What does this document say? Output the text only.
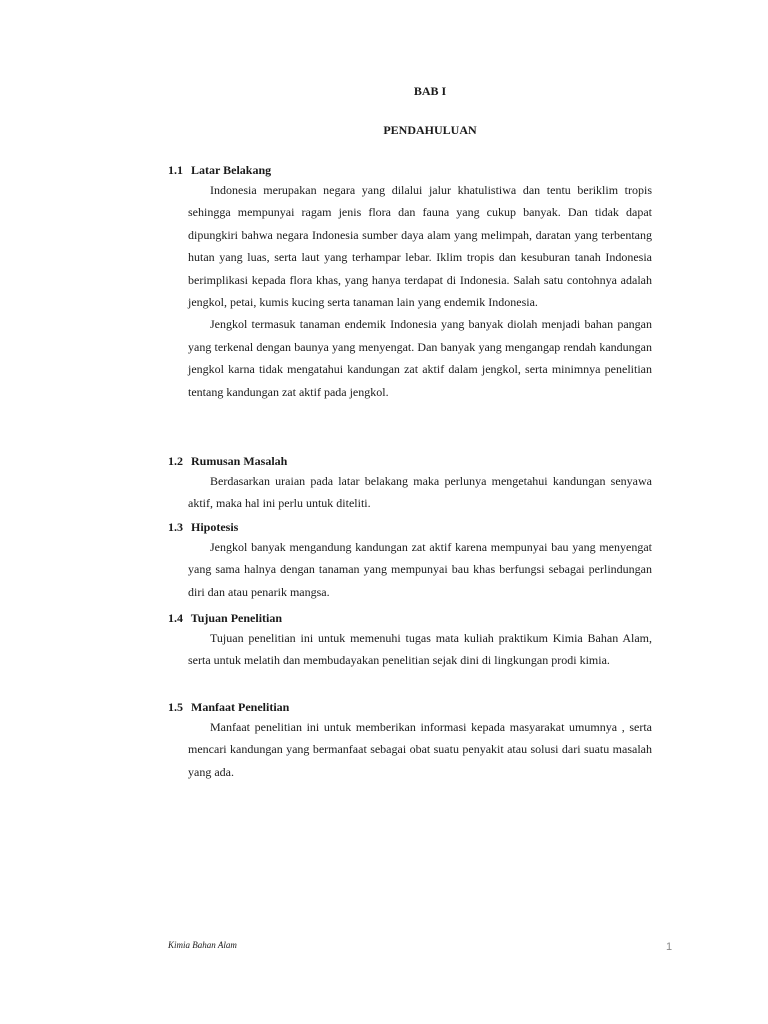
BAB I

PENDAHULUAN

1.1 Latar Belakang

Indonesia merupakan negara yang dilalui jalur khatulistiwa dan tentu beriklim tropis sehingga mempunyai ragam jenis flora dan fauna yang cukup banyak. Dan tidak dapat dipungkiri bahwa negara Indonesia sumber daya alam yang melimpah, daratan yang terbentang hutan yang luas, serta laut yang terhampar lebar. Iklim tropis dan kesuburan tanah Indonesia berimplikasi kepada flora khas, yang hanya terdapat di Indonesia. Salah satu contohnya adalah jengkol, petai, kumis kucing serta tanaman lain yang endemik Indonesia.

Jengkol termasuk tanaman endemik Indonesia yang banyak diolah menjadi bahan pangan yang terkenal dengan baunya yang menyengat. Dan banyak yang mengangap rendah kandungan jengkol karna tidak mengatahui kandungan zat aktif dalam jengkol, serta minimnya penelitian tentang kandungan zat aktif pada jengkol.

1.2 Rumusan Masalah

Berdasarkan uraian pada latar belakang maka perlunya mengetahui kandungan senyawa aktif, maka hal ini perlu untuk diteliti.

1.3 Hipotesis

Jengkol banyak mengandung kandungan zat aktif karena mempunyai bau yang menyengat yang sama halnya dengan tanaman yang mempunyai bau khas berfungsi sebagai perlindungan diri dan atau penarik mangsa.

1.4 Tujuan Penelitian

Tujuan penelitian ini untuk memenuhi tugas mata kuliah praktikum Kimia Bahan Alam, serta untuk melatih dan membudayakan penelitian sejak dini di lingkungan prodi kimia.

1.5 Manfaat Penelitian

Manfaat penelitian ini untuk memberikan informasi kepada masyarakat umumnya , serta mencari kandungan yang bermanfaat sebagai obat suatu penyakit atau solusi dari suatu masalah yang ada.

Kimia Bahan Alam	1
